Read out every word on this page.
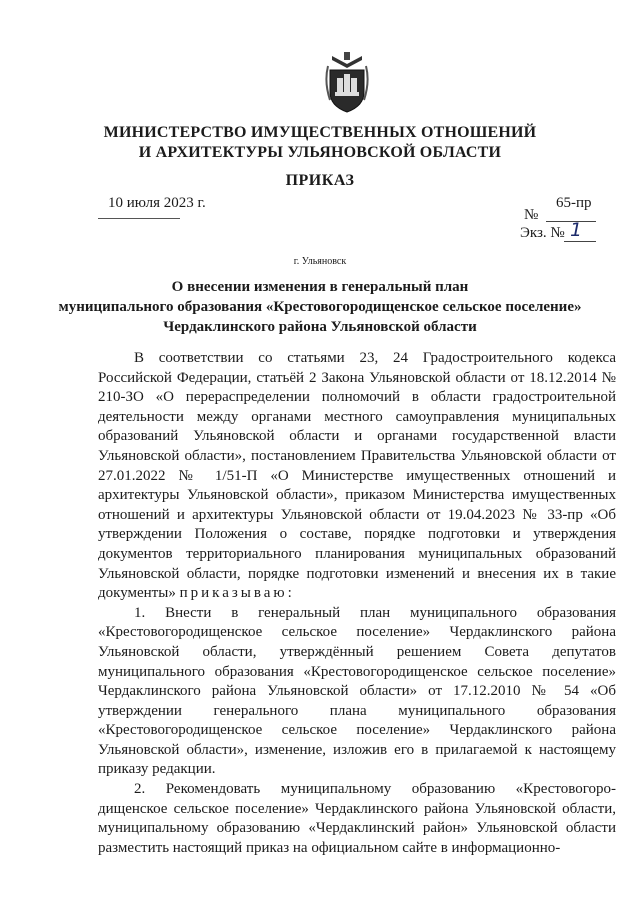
МИНИСТЕРСТВО ИМУЩЕСТВЕННЫХ ОТНОШЕНИЙ
И АРХИТЕКТУРЫ УЛЬЯНОВСКОЙ ОБЛАСТИ
ПРИКАЗ
10 июля 2023 г.	65-пр
№
Экз. № 1
г. Ульяновск
О внесении изменения в генеральный план
муниципального образования «Крестовогородищенское сельское поселение»
Чердаклинского района Ульяновской области

В соответствии со статьями 23, 24 Градостроительного кодекса Российской Федерации, статьёй 2 Закона Ульяновской области от 18.12.2014 № 210-ЗО «О перераспределении полномочий в области градостроительной деятельности между органами местного самоуправления муниципальных образований Ульяновской области и органами государственной власти Ульяновской области», постановлением Правительства Ульяновской области от 27.01.2022 № 1/51-П «О Министерстве имущественных отношений и архитектуры Ульяновской области», приказом Министерства имущественных отношений и архитектуры Ульяновской области от 19.04.2023 № 33-пр «Об утверждении Положения о составе, порядке подготовки и утверждения документов территориального планирования муниципальных образований Ульяновской области, порядке подготовки изменений и внесения их в такие документы» приказываю:

1. Внести в генеральный план муниципального образования «Крестовогородищенское сельское поселение» Чердаклинского района Ульяновской области, утверждённый решением Совета депутатов муниципального образования «Крестовогородищенское сельское поселение» Чердаклинского района Ульяновской области» от 17.12.2010 № 54 «Об утверждении генерального плана муниципального образования «Крестовогородищенское сельское поселение» Чердаклинского района Ульяновской области», изменение, изложив его в прилагаемой к настоящему приказу редакции.

2. Рекомендовать муниципальному образованию «Крестовогоро-дищенское сельское поселение» Чердаклинского района Ульяновской области, муниципальному образованию «Чердаклинский район» Ульяновской области разместить настоящий приказ на официальном сайте в информационно-
